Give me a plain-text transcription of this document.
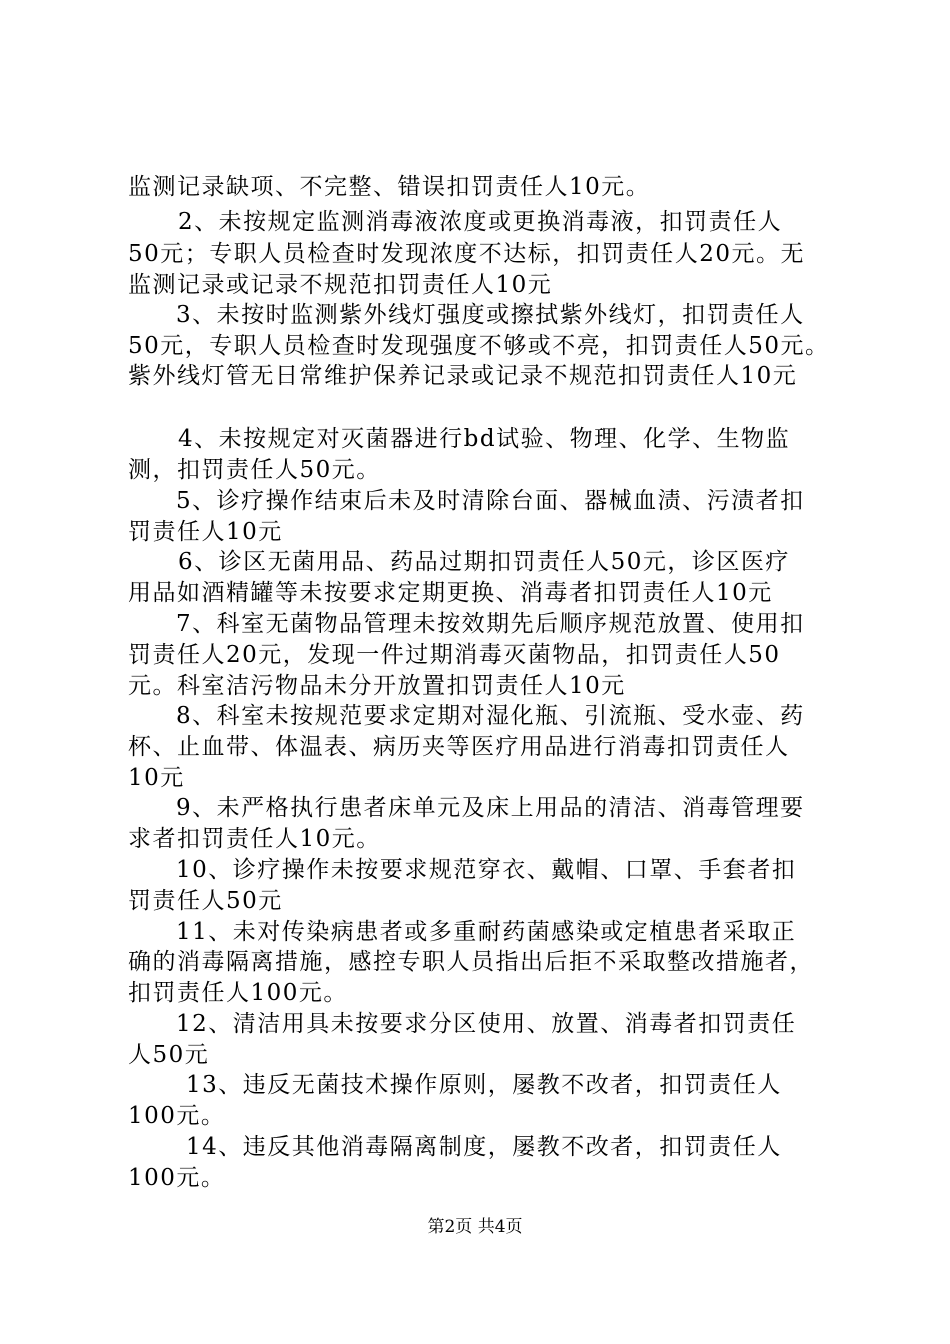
监测记录缺项、不完整、错误扣罚责任人10元。
2、未按规定监测消毒液浓度或更换消毒液，扣罚责任人
50元；专职人员检查时发现浓度不达标，扣罚责任人20元。无
监测记录或记录不规范扣罚责任人10元
3、未按时监测紫外线灯强度或擦拭紫外线灯，扣罚责任人
50元，专职人员检查时发现强度不够或不亮，扣罚责任人50元。
紫外线灯管无日常维护保养记录或记录不规范扣罚责任人10元
4、未按规定对灭菌器进行bd试验、物理、化学、生物监
测，扣罚责任人50元。
5、诊疗操作结束后未及时清除台面、器械血渍、污渍者扣
罚责任人10元
6、诊区无菌用品、药品过期扣罚责任人50元，诊区医疗
用品如酒精罐等未按要求定期更换、消毒者扣罚责任人10元
7、科室无菌物品管理未按效期先后顺序规范放置、使用扣
罚责任人20元，发现一件过期消毒灭菌物品，扣罚责任人50
元。科室洁污物品未分开放置扣罚责任人10元
8、科室未按规范要求定期对湿化瓶、引流瓶、受水壶、药
杯、止血带、体温表、病历夹等医疗用品进行消毒扣罚责任人
10元
9、未严格执行患者床单元及床上用品的清洁、消毒管理要
求者扣罚责任人10元。
10、诊疗操作未按要求规范穿衣、戴帽、口罩、手套者扣
罚责任人50元
11、未对传染病患者或多重耐药菌感染或定植患者采取正
确的消毒隔离措施，感控专职人员指出后拒不采取整改措施者，
扣罚责任人100元。
12、清洁用具未按要求分区使用、放置、消毒者扣罚责任
人50元
13、违反无菌技术操作原则，屡教不改者，扣罚责任人
100元。
14、违反其他消毒隔离制度，屡教不改者，扣罚责任人
100元。
第2页 共4页
